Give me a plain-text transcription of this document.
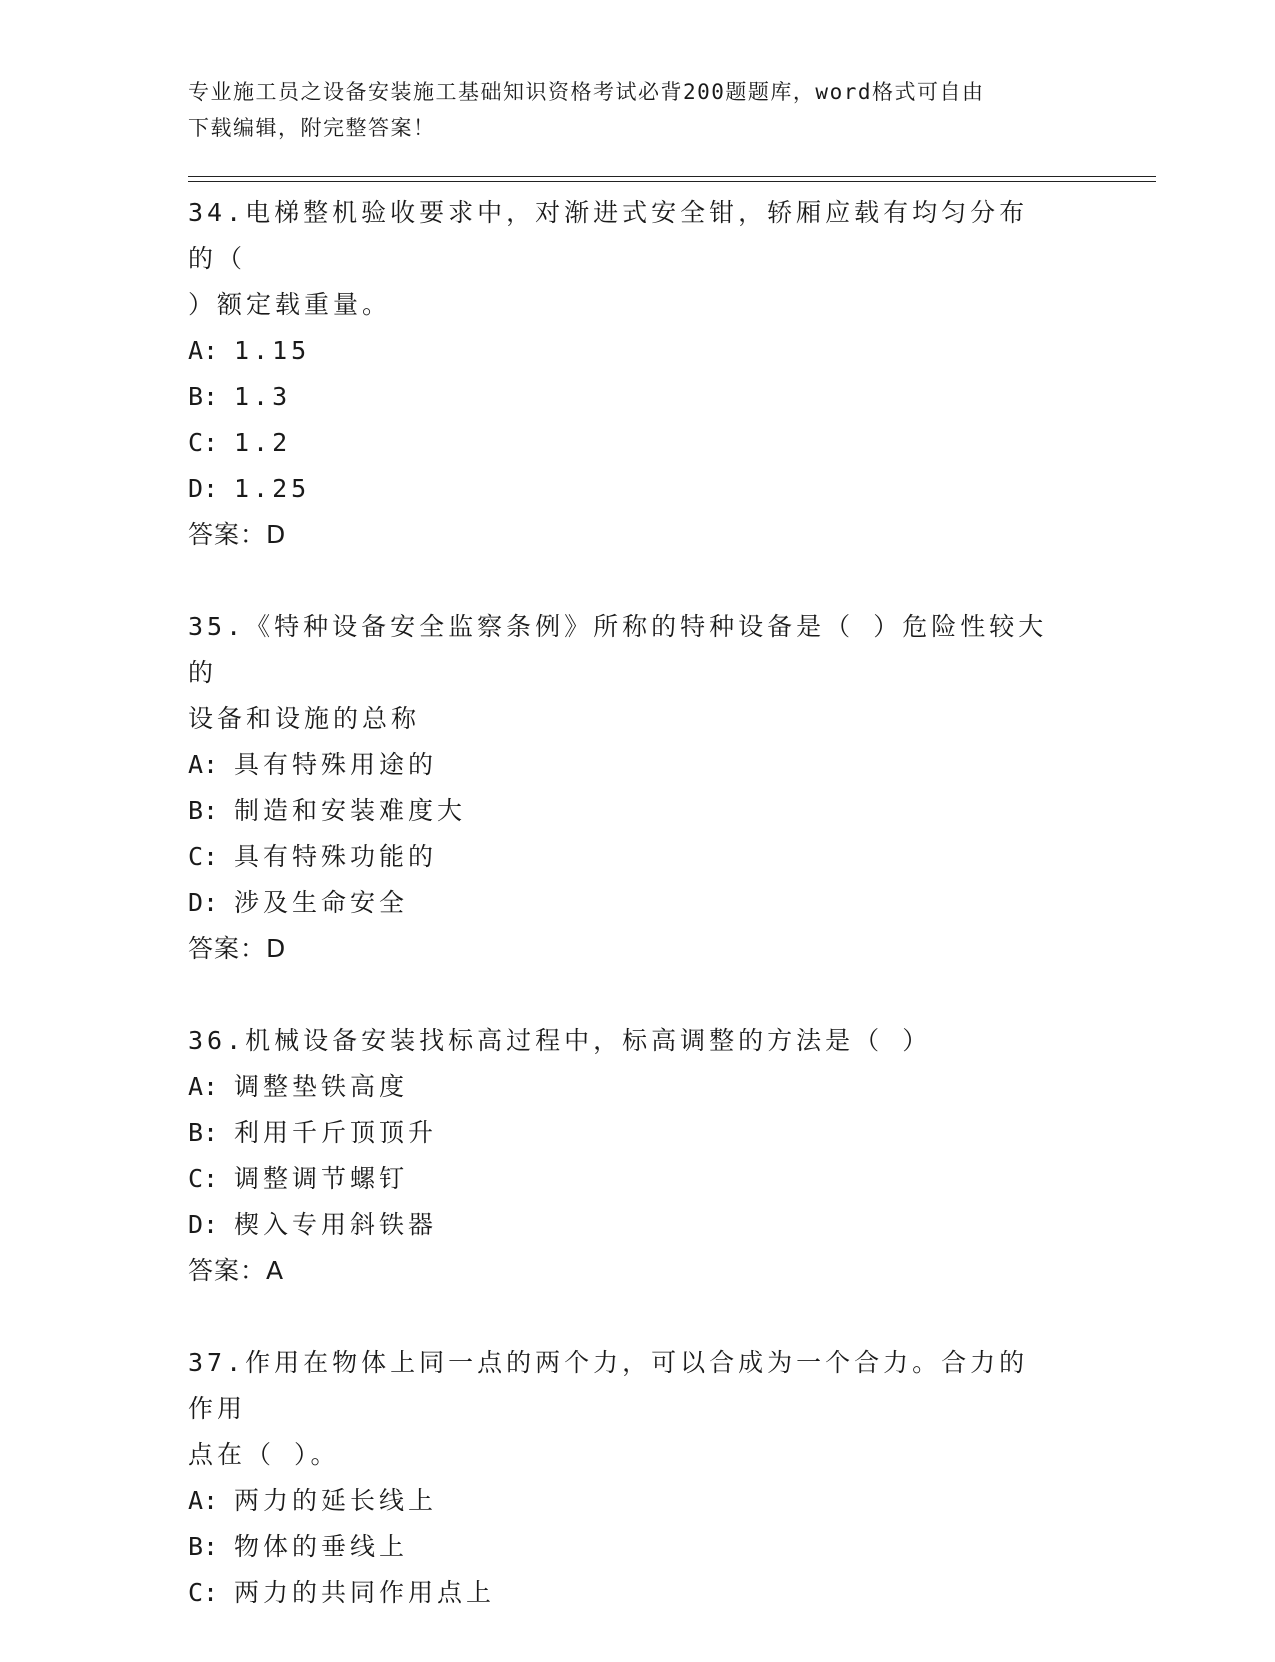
专业施工员之设备安装施工基础知识资格考试必背200题题库，word格式可自由

下载编辑，附完整答案！

34.电梯整机验收要求中，对渐进式安全钳，轿厢应载有均匀分布的（

）额定载重量。

A: 1.15

B: 1.3

C: 1.2

D: 1.25

答案：D

35.《特种设备安全监察条例》所称的特种设备是（ ）危险性较大的

设备和设施的总称

A: 具有特殊用途的

B: 制造和安装难度大

C: 具有特殊功能的

D: 涉及生命安全

答案：D

36.机械设备安装找标高过程中，标高调整的方法是（ ）

A: 调整垫铁高度

B: 利用千斤顶顶升

C: 调整调节螺钉

D: 楔入专用斜铁器

答案：A

37.作用在物体上同一点的两个力，可以合成为一个合力。合力的作用

点在（ ）。

A: 两力的延长线上

B: 物体的垂线上

C: 两力的共同作用点上
